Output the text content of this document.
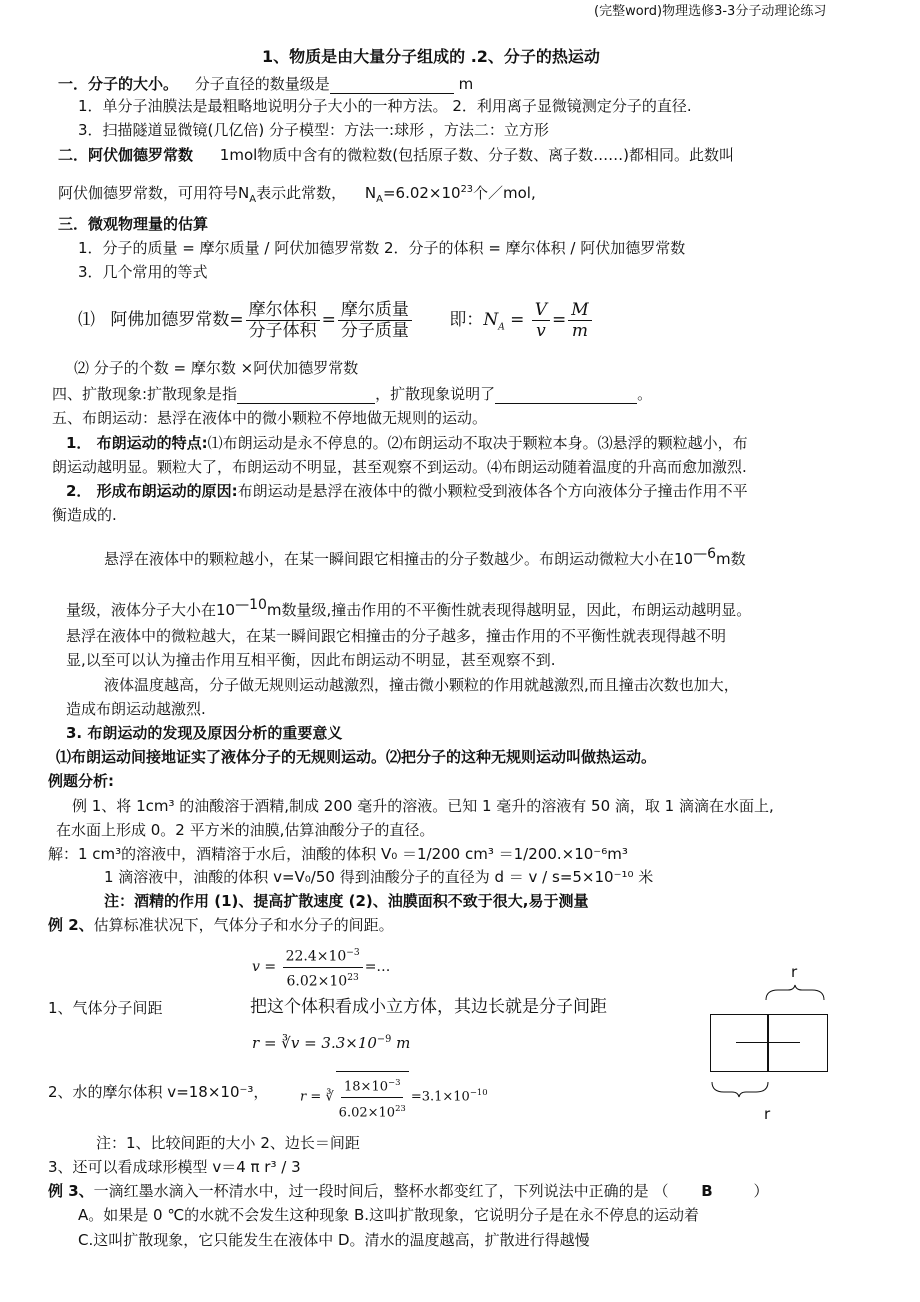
(完整word)物理选修3-3分子动理论练习
1、物质是由大量分子组成的 .2、分子的热运动
一．分子的大小。 分子直径的数量级是	m
1．单分子油膜法是最粗略地说明分子大小的一种方法。 2．利用离子显微镜测定分子的直径.
3．扫描隧道显微镜(几亿倍) 分子模型：方法一:球形 ，方法二：立方形
二．阿伏伽德罗常数 1mol物质中含有的微粒数(包括原子数、分子数、离子数……)都相同。此数叫
阿伏伽德罗常数，可用符号$N_A$表示此常数， $N_A=6.02\times 10^{23}$个／mol,
三．微观物理量的估算
1．分子的质量 = 摩尔质量 / 阿伏加德罗常数 2．分子的体积 = 摩尔体积 / 阿伏加德罗常数
3．几个常用的等式
⑴ 阿佛加德罗常数= $\frac{\text{摩尔体积}}{\text{分子体积}} = \frac{\text{摩尔质量}}{\text{分子质量}}$ 即：$N_A = \frac{V}{v} = \frac{M}{m}$
⑵ 分子的个数 = 摩尔数 ×阿伏加德罗常数
四、扩散现象:扩散现象是指	，扩散现象说明了	。
五、布朗运动：悬浮在液体中的微小颗粒不停地做无规则的运动。
1． 布朗运动的特点:⑴布朗运动是永不停息的。⑵布朗运动不取决于颗粒本身。⑶悬浮的颗粒越小，布
朗运动越明显。颗粒大了，布朗运动不明显，甚至观察不到运动。⑷布朗运动随着温度的升高而愈加激烈.
2． 形成布朗运动的原因:布朗运动是悬浮在液体中的微小颗粒受到液体各个方向液体分子撞击作用不平
衡造成的.
悬浮在液体中的颗粒越小，在某一瞬间跟它相撞击的分子数越少。布朗运动微粒大小在$10^{—6}m$数
量级，液体分子大小在$10^{—10}m$数量级,撞击作用的不平衡性就表现得越明显，因此，布朗运动越明显。
悬浮在液体中的微粒越大，在某一瞬间跟它相撞击的分子越多，撞击作用的不平衡性就表现得越不明
显,以至可以认为撞击作用互相平衡，因此布朗运动不明显，甚至观察不到.
液体温度越高，分子做无规则运动越激烈，撞击微小颗粒的作用就越激烈,而且撞击次数也加大，
造成布朗运动越激烈.
3. 布朗运动的发现及原因分析的重要意义
⑴布朗运动间接地证实了液体分子的无规则运动。⑵把分子的这种无规则运动叫做热运动。
例题分析:
例 1、将 1cm³ 的油酸溶于酒精,制成 200 毫升的溶液。已知 1 毫升的溶液有 50 滴，取 1 滴滴在水面上,
在水面上形成 0。2 平方米的油膜,估算油酸分子的直径。
解：1 cm³的溶液中，酒精溶于水后，油酸的体积 V₀ ＝1/200 cm³ ＝1/200.×10⁻⁶m³
1 滴溶液中，油酸的体积 v=V₀/50 得到油酸分子的直径为 d ＝ v / s=5×10⁻¹⁰ 米
注：酒精的作用 (1)、提高扩散速度 (2)、油膜面积不致于很大,易于测量
例 2、估算标准状况下，气体分子和水分子的间距。
$v = \frac{22.4\times 10^{-3}}{6.02\times 10^{23}}$ =…
1、气体分子间距	把这个体积看成小立方体，其边长就是分子间距
r = ∛v = $3.3\times 10^{-9}$ m
2、水的摩尔体积 v=18×10⁻³， r = ∛ $\frac{18\times 10^{-3}}{6.02\times 10^{23}} =3.1\times 10^{-10}$
注：1、比较间距的大小 2、边长＝间距
3、还可以看成球形模型 v＝4 π r³ / 3
r
r
例 3、一滴红墨水滴入一杯清水中，过一段时间后，整杯水都变红了，下列说法中正确的是 （ B	）
A。如果是 0 ℃的水就不会发生这种现象 B.这叫扩散现象，它说明分子是在永不停息的运动着
C.这叫扩散现象，它只能发生在液体中 D。清水的温度越高，扩散进行得越慢
